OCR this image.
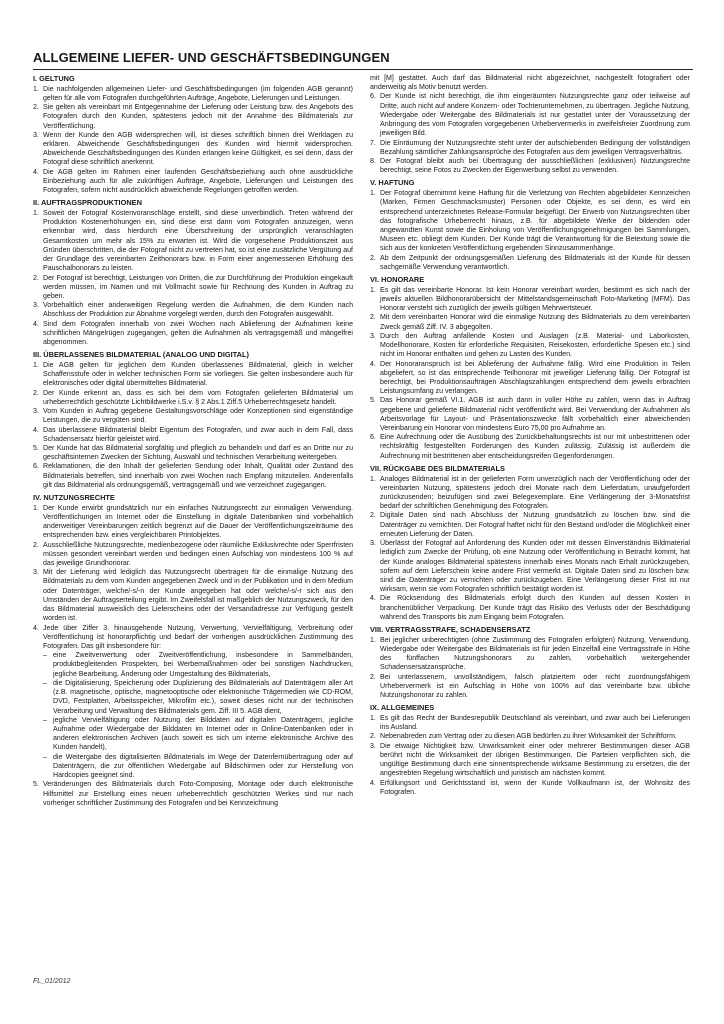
ALLGEMEINE LIEFER- UND GESCHÄFTSBEDINGUNGEN
I. GELTUNG
1. Die nachfolgenden allgemeinen Liefer- und Geschäftsbedingungen (im folgenden AGB genannt) gelten für alle vom Fotografen durchgeführten Aufträge, Angebote, Lieferungen und Leistungen.
2. Sie gelten als vereinbart mit Entgegennahme der Lieferung oder Leistung bzw. des Angebots des Fotografen durch den Kunden, spätestens jedoch mit der Annahme des Bildmaterials zur Veröffentlichung.
3. Wenn der Kunde den AGB widersprechen will, ist dieses schriftlich binnen drei Werktagen zu erklären. Abweichende Geschäftsbedingungen des Kunden wird hiermit widersprochen. Abweichende Geschäftsbedingungen des Kunden erlangen keine Gültigkeit, es sei denn, dass der Fotograf diese schriftlich anerkennt.
4. Die AGB gelten im Rahmen einer laufenden Geschäftsbeziehung auch ohne ausdrückliche Einbeziehung auch für alle zukünftigen Aufträge, Angebote, Lieferungen und Leistungen des Fotografen, sofern nicht ausdrücklich abweichende Regelungen getroffen werden.
II. AUFTRAGSPRODUKTIONEN
1. Soweit der Fotograf Kostenvoranschläge erstellt, sind diese unverbindlich. Treten während der Produktion Kostenerhöhungen ein, sind diese erst dann vom Fotografen anzuzeigen, wenn erkennbar wird, dass hierdurch eine Überschreitung der ursprünglich veranschlagten Gesamtkosten um mehr als 15% zu erwarten ist. Wird die vorgesehene Produktionszeit aus Gründen überschritten, die der Fotograf nicht zu vertreten hat, so ist eine zusätzliche Vergütung auf der Grundlage des vereinbarten Zeithonorars bzw. in Form einer angemessenen Erhöhung des Pauschalhonorars zu leisten.
2. Der Fotograf ist berechtigt, Leistungen von Dritten, die zur Durchführung der Produktion eingekauft werden müssen, im Namen und mit Vollmacht sowie für Rechnung des Kunden in Auftrag zu geben.
3. Vorbehaltlich einer anderweitigen Regelung werden die Aufnahmen, die dem Kunden nach Abschluss der Produktion zur Abnahme vorgelegt werden, durch den Fotografen ausgewählt.
4. Sind dem Fotografen innerhalb von zwei Wochen nach Ablieferung der Aufnahmen keine schriftlichen Mängelrügen zugegangen, gelten die Aufnahmen als vertragsgemäß und mängelfrei abgenommen.
III. ÜBERLASSENES BILDMATERIAL (ANALOG UND DIGITAL)
1. Die AGB gelten für jeglichen dem Kunden überlassenes Bildmaterial, gleich in welcher Schaffensstufe oder in welcher technischen Form sie vorliegen. Sie gelten insbesondere auch für elektronisches oder digital übermitteltes Bildmaterial.
2. Der Kunde erkennt an, dass es sich bei dem vom Fotografen gelieferten Bildmaterial um urheberrechtlich geschützte Lichtbildwerke i.S.v. § 2 Abs.1 Ziff.5 Urheberrechtsgesetz handelt.
3. Vom Kunden in Auftrag gegebene Gestaltungsvorschläge oder Konzeptionen sind eigenständige Leistungen, die zu vergüten sind.
4. Das überlassene Bildmaterial bleibt Eigentum des Fotografen, und zwar auch in dem Fall, dass Schadensersatz hierfür geleistet wird.
5. Der Kunde hat das Bildmaterial sorgfältig und pfleglich zu behandeln und darf es an Dritte nur zu geschäftsinternen Zwecken der Sichtung, Auswahl und technischen Verarbeitung weitergeben.
6. Reklamationen, die den Inhalt der gelieferten Sendung oder Inhalt, Qualität oder Zustand des Bildmaterials betreffen, sind innerhalb von zwei Wochen nach Empfang mitzuteilen. Anderenfalls gilt das Bildmaterial als ordnungsgemäß, vertragsgemäß und wie verzeichnet zugegangen.
IV. NUTZUNGSRECHTE
1. Der Kunde erwirbt grundsätzlich nur ein einfaches Nutzungsrecht zur einmaligen Verwendung. Veröffentlichungen im Internet oder die Einstellung in digitale Datenbanken sind vorbehaltlich anderweitiger Vereinbarungen zeitlich begrenzt auf die Dauer der Veröffentlichungszeiträume des entsprechenden bzw. eines vergleichbaren Printobjektes.
2. Ausschließliche Nutzungsrechte, medienbezogene oder räumliche Exklusivrechte oder Sperrfristen müssen gesondert vereinbart werden und bedingen einen Aufschlag von mindestens 100 % auf das jeweilige Grundhonorar.
3. Mit der Lieferung wird lediglich das Nutzungsrecht übertragen für die einmalige Nutzung des Bildmaterials zu dem vom Kunden angegebenen Zweck und in der Publikation und in dem Medium oder Datenträger, welche/-s/-n der Kunde angegeben hat oder welche/-s/-r sich aus den Umständen der Auftragserteilung ergibt. Im Zweifelsfall ist maßgeblich der Nutzungszweck, für den das Bildmaterial ausweislich des Lieferscheins oder der Versandadresse zur Verfügung gestellt worden ist.
4. Jede über Ziffer 3. hinausgehende Nutzung, Verwertung, Vervielfältigung, Verbreitung oder Veröffentlichung ist honorarpflichtig und bedarf der vorherigen ausdrücklichen Zustimmung des Fotografen. Das gilt insbesondere für:
– eine Zweitverwertung oder Zweitveröffentlichung, insbesondere in Sammelbänden, produktbegleitenden Prospekten, bei Werbemaßnahmen oder bei sonstigen Nachdrucken, jegliche Bearbeitung, Änderung oder Umgestaltung des Bildmaterials,
– die Digitalisierung, Speicherung oder Duplizierung des Bildmaterials auf Datenträgern aller Art (z.B. magnetische, optische, magnetooptische oder elektronische Trägermedien wie CD-ROM, DVD, Festplatten, Arbeitsspeicher, Mikrofilm etc.), soweit dieses nicht nur der technischen Verarbeitung und Verwaltung des Bildmaterials gem. Ziff. III 5. AGB dient,
– jegliche Vervielfältigung oder Nutzung der Bilddaten auf digitalen Datenträgern, jegliche Aufnahme oder Wiedergabe der Bilddaten im Internet oder in Online-Datenbanken oder in anderen elektronischen Archiven (auch soweit es sich um interne elektronische Archive des Kunden handelt),
– die Weitergabe des digitalisierten Bildmaterials im Wege der Datenfernübertragung oder auf Datenträgern, die zur öffentlichen Wiedergabe auf Bildschirmen oder zur Herstellung von Hardcopies geeignet sind.
5. Veränderungen des Bildmaterials durch Foto-Composing, Montage oder durch elektronische Hilfsmittel zur Erstellung eines neuen urheberrechtlich geschützten Werkes sind nur nach vorheriger schriftlicher Zustimmung des Fotografen und bei Kennzeichnung

mit [M] gestattet. Auch darf das Bildmaterial nicht abgezeichnet, nachgestellt fotografiert oder anderweitig als Motiv benutzt werden.

6. Der Kunde ist nicht berechtigt, die ihm eingeräumten Nutzungsrechte ganz oder teilweise auf Dritte, auch nicht auf andere Konzern- oder Tochterunternehmen, zu übertragen. Jegliche Nutzung, Wiedergabe oder Weitergabe des Bildmaterials ist nur gestattet unter der Voraussetzung der Anbringung des vom Fotografen vorgegebenen Urhebervermerks in zweifelsfreier Zuordnung zum jeweiligen Bild.
7. Die Einräumung der Nutzungsrechte steht unter der aufschiebenden Bedingung der vollständigen Bezahlung sämtlicher Zahlungsansprüche des Fotografen aus dem jeweiligen Vertragsverhältnis.
8. Der Fotograf bleibt auch bei Übertragung der ausschließlichen (exklusiven) Nutzungsrechte berechtigt, seine Fotos zu Zwecken der Eigenwerbung selbst zu verwenden.
V. HAFTUNG
1. Der Fotograf übernimmt keine Haftung für die Verletzung von Rechten abgebildeter Kennzeichen (Marken, Firmen Geschmacksmuster) Personen oder Objekte, es sei denn, es wird ein entsprechend unterzeichnetes Release-Formular beigefügt. Der Erwerb von Nutzungsrechten über das fotografische Urheberrecht hinaus, z.B. für abgebildete Werke der bildenden oder angewandten Kunst sowie die Einholung von Veröffentlichungsgenehmigungen bei Sammlungen, Museen etc. obliegt dem Kunden. Der Kunde trägt die Verantwortung für die Betextung sowie die sich aus der konkreten Veröffentlichung ergebenden Sinnzusammenhänge.
2. Ab dem Zeitpunkt der ordnungsgemäßen Lieferung des Bildmaterials ist der Kunde für dessen sachgemäße Verwendung verantwortlich.
VI. HONORARE
1. Es gilt das vereinbarte Honorar. Ist kein Honorar vereinbart worden, bestimmt es sich nach der jeweils aktuellen Bildhonorarübersicht der Mittelstandsgemeinschaft Foto-Marketing (MFM). Das Honorar versteht sich zuzüglich der jeweils gültigen Mehrwertsteuer.
2. Mit dem vereinbarten Honorar wird die einmalige Nutzung des Bildmaterials zu dem vereinbarten Zweck gemäß Ziff. IV. 3 abgegolten.
3. Durch den Auftrag anfallende Kosten und Auslagen (z.B. Material- und Laborkosten, Modellhonorare, Kosten für erforderliche Requisiten, Reisekosten, erforderliche Spesen etc.) sind nicht im Honorar enthalten und gehen zu Lasten des Kunden.
4. Der Honoraranspruch ist bei Ablieferung der Aufnahme fällig. Wird eine Produktion in Teilen abgeliefert, so ist das entsprechende Teilhonorar mit jeweiliger Lieferung fällig. Der Fotograf ist berechtigt, bei Produktionsaufträgen Abschlagszahlungen entsprechend dem jeweils erbrachten Leistungsumfang zu verlangen.
5. Das Honorar gemäß VI.1. AGB ist auch dann in voller Höhe zu zahlen, wenn das in Auftrag gegebene und gelieferte Bildmaterial nicht veröffentlicht wird. Bei Verwendung der Aufnahmen als Arbeitsvorlage für Layout- und Präsentationszwecke fällt vorbehaltlich einer abweichenden Vereinbarung ein Honorar von mindestens Euro 75,00 pro Aufnahme an.
6. Eine Aufrechnung oder die Ausübung des Zurückbehaltungsrechts ist nur mit unbestrittenen oder rechtskräftig festgestellten Forderungen des Kunden zulässig. Zulässig ist außerdem die Aufrechnung mit bestrittenen aber entscheidungsreifen Gegenforderungen.
VII. RÜCKGABE DES BILDMATERIALS
1. Analoges Bildmaterial ist in der gelieferten Form unverzüglich nach der Veröffentlichung oder der vereinbarten Nutzung, spätestens jedoch drei Monate nach dem Lieferdatum, unaufgefordert zurückzusenden; beizufügen sind zwei Belegexemplare. Eine Verlängerung der 3-Monatsfrist bedarf der schriftlichen Genehmigung des Fotografen.
2. Digitale Daten sind nach Abschluss der Nutzung grundsätzlich zu löschen bzw. sind die Datenträger zu vernichten. Der Fotograf haftet nicht für den Bestand und/oder die Möglichkeit einer erneuten Lieferung der Daten.
3. Überlässt der Fotograf auf Anforderung des Kunden oder mit dessen Einverständnis Bildmaterial lediglich zum Zwecke der Prüfung, ob eine Nutzung oder Veröffentlichung in Betracht kommt, hat der Kunde analoges Bildmaterial spätestens innerhalb eines Monats nach Erhalt zurückzugeben, sofern auf dem Lieferschein keine andere Frist vermerkt ist. Digitale Daten sind zu löschen bzw. sind die Datenträger zu vernichten oder zurückzugeben. Eine Verlängerung dieser Frist ist nur wirksam, wenn sie vom Fotografen schriftlich bestätigt worden ist.
4. Die Rücksendung des Bildmaterials erfolgt durch den Kunden auf dessen Kosten in branchenüblicher Verpackung. Der Kunde trägt das Risiko des Verlusts oder der Beschädigung während des Transports bis zum Eingang beim Fotografen.
VIII. VERTRAGSSTRAFE, SCHADENSERSATZ
1. Bei jeglicher unberechtigten (ohne Zustimmung des Fotografen erfolgten) Nutzung, Verwendung, Wiedergabe oder Weitergabe des Bildmaterials ist für jeden Einzelfall eine Vertragsstrafe in Höhe des fünffachen Nutzungshonorars zu zahlen, vorbehaltlich weitergehender Schadensersatzansprüche.
2. Bei unterlassenem, unvollständigem, falsch platziertem oder nicht zuordnungsfähigem Urhebervermerk ist ein Aufschlag in Höhe von 100% auf das vereinbarte bzw. übliche Nutzungshonorar zu zahlen.
IX. ALLGEMEINES
1. Es gilt das Recht der Bundesrepublik Deutschland als vereinbart, und zwar auch bei Lieferungen ins Ausland.
2. Nebenabreden zum Vertrag oder zu diesen AGB bedürfen zu ihrer Wirksamkeit der Schriftform.
3. Die etwaige Nichtigkeit bzw. Unwirksamkeit einer oder mehrerer Bestimmungen dieser AGB berührt nicht die Wirksamkeit der übrigen Bestimmungen. Die Parteien verpflichten sich, die ungültige Bestimmung durch eine sinnentsprechende wirksame Bestimmung zu ersetzen, die der angestrebten Regelung wirtschaftlich und juristisch am nächsten kommt.
4. Erfüllungsort und Gerichtsstand ist, wenn der Kunde Vollkaufmann ist, der Wohnsitz des Fotografen.
FL_01/2012
